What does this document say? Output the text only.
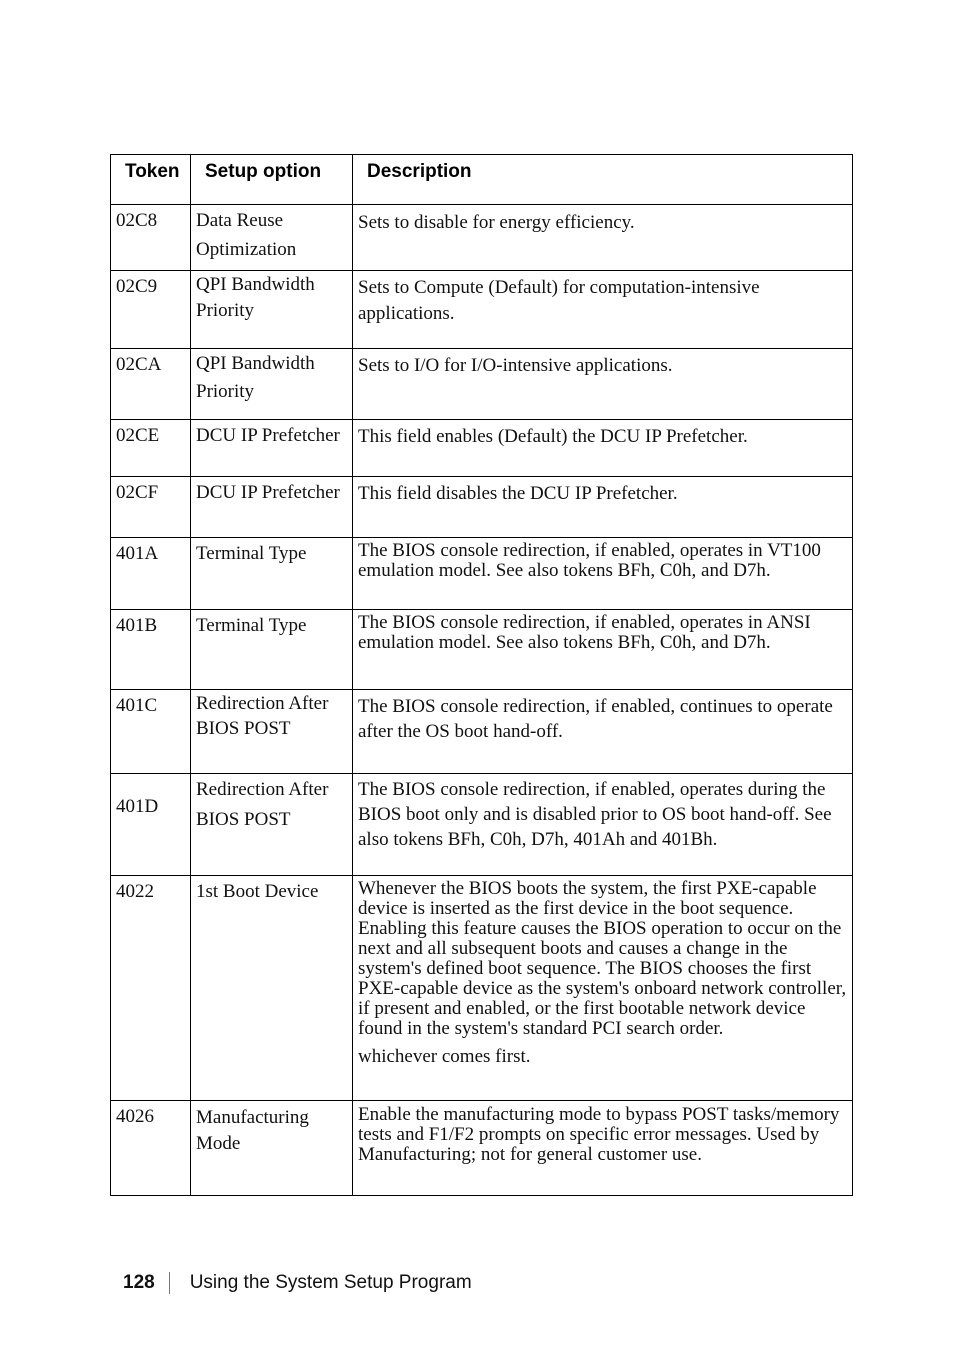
Token	Setup option	Description
02C8	Data Reuse Optimization	Sets to disable for energy efficiency.
02C9	QPI Bandwidth Priority	Sets to Compute (Default) for computation-intensive applications.
02CA	QPI Bandwidth Priority	Sets to I/O for I/O-intensive applications.
02CE	DCU IP Prefetcher	This field enables (Default) the DCU IP Prefetcher.
02CF	DCU IP Prefetcher	This field disables the DCU IP Prefetcher.
401A	Terminal Type	The BIOS console redirection, if enabled, operates in VT100 emulation model. See also tokens BFh, C0h, and D7h.
401B	Terminal Type	The BIOS console redirection, if enabled, operates in ANSI emulation model. See also tokens BFh, C0h, and D7h.
401C	Redirection After BIOS POST	The BIOS console redirection, if enabled, continues to operate after the OS boot hand-off.
401D	Redirection After BIOS POST	The BIOS console redirection, if enabled, operates during the BIOS boot only and is disabled prior to OS boot hand-off. See also tokens BFh, C0h, D7h, 401Ah and 401Bh.
4022	1st Boot Device	Whenever the BIOS boots the system, the first PXE-capable device is inserted as the first device in the boot sequence. Enabling this feature causes the BIOS operation to occur on the next and all subsequent boots and causes a change in the system's defined boot sequence. The BIOS chooses the first PXE-capable device as the system's onboard network controller, if present and enabled, or the first bootable network device found in the system's standard PCI search order.

whichever comes first.

4026	Manufacturing Mode	Enable the manufacturing mode to bypass POST tasks/memory tests and F1/F2 prompts on specific error messages. Used by Manufacturing; not for general customer use.
128 Using the System Setup Program
